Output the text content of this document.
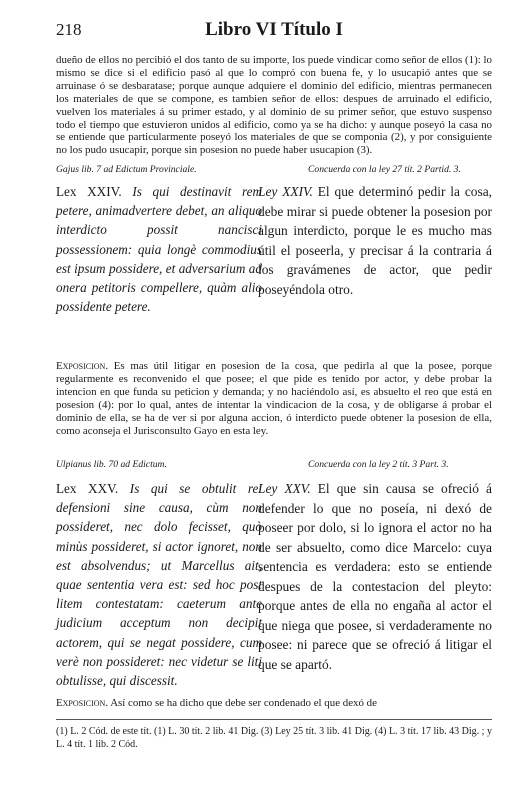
218	Libro VI Título I
dueño de ellos no percibió el dos tanto de su importe, los puede vindicar como señor de ellos (1): lo mismo se dice si el edificio pasó al que lo compró con buena fe, y lo usucapió antes que se arruinase ó se desbaratase; porque aunque adquiere el dominio del edificio, mientras permanecen los materiales de que se compone, es tambien señor de ellos: despues de arruinado el edificio, vuelven los materiales á su primer estado, y al dominio de su primer señor, que estuvo suspenso todo el tiempo que estuvieron unidos al edificio, como ya se ha dicho: y aunque poseyó la casa no se entiende que particularmente poseyó los materiales de que se componia (2), y por consiguiente no los pudo usucapir, porque sin posesion no puede haber usucapion (3).
Gajus lib. 7 ad Edictum Provinciale.	Concuerda con la ley 27 tít. 2 Partid. 3.
Lex XXIV. Is qui destinavit rem petere, animadvertere debet, an aliquo interdicto possit nancisci possessionem: quia longè commodius est ipsum possidere, et adversarium ad onera petitoris compellere, quàm alio possidente petere.
Ley XXIV. El que determinó pedir la cosa, debe mirar si puede obtener la posesion por algun interdicto, porque le es mucho mas útil el poseerla, y precisar á la contraria á los gravámenes de actor, que pedir poseyéndola otro.
Exposicion. Es mas útil litigar en posesion de la cosa, que pedirla al que la posee, porque regularmente es reconvenido el que posee; el que pide es tenido por actor, y debe probar la intencion en que funda su peticion y demanda; y no haciéndolo así, es absuelto el reo que está en posesion (4): por lo qual, antes de intentar la vindicacion de la cosa, y de obligarse á probar el dominio de ella, se ha de ver si por alguna accion, ó interdicto puede obtener la posesion de ella, como aconseja el Jurisconsulto Gayo en esta ley.
Ulpianus lib. 70 ad Edictum.	Concuerda con la ley 2 tít. 3 Part. 3.
Lex XXV. Is qui se obtulit rei defensioni sine causa, cùm non possideret, nec dolo fecisset, quò minùs possideret, si actor ignoret, non est absolvendus; ut Marcellus ait, quae sententia vera est: sed hoc post litem contestatam: caeterum ante judicium acceptum non decipit actorem, qui se negat possidere, cum verè non possideret: nec videtur se liti obtulisse, qui discessit.
Ley XXV. El que sin causa se ofreció á defender lo que no poseía, ni dexó de poseer por dolo, si lo ignora el actor no ha de ser absuelto, como dice Marcelo: cuya sentencia es verdadera: esto se entiende despues de la contestacion del pleyto: porque antes de ella no engaña al actor el que niega que posee, si verdaderamente no posee: ni parece que se ofreció á litigar el que se apartó.
Exposicion. Así como se ha dicho que debe ser condenado el que dexó de
(1) L. 2 Cód. de este tít. (1) L. 30 tít. 2 lib. 41 Dig. (3) Ley 25 tít. 3 lib. 41 Dig. (4) L. 3 tít. 17 lib. 43 Dig. ; y L. 4 tít. 1 lib. 2 Cód.
